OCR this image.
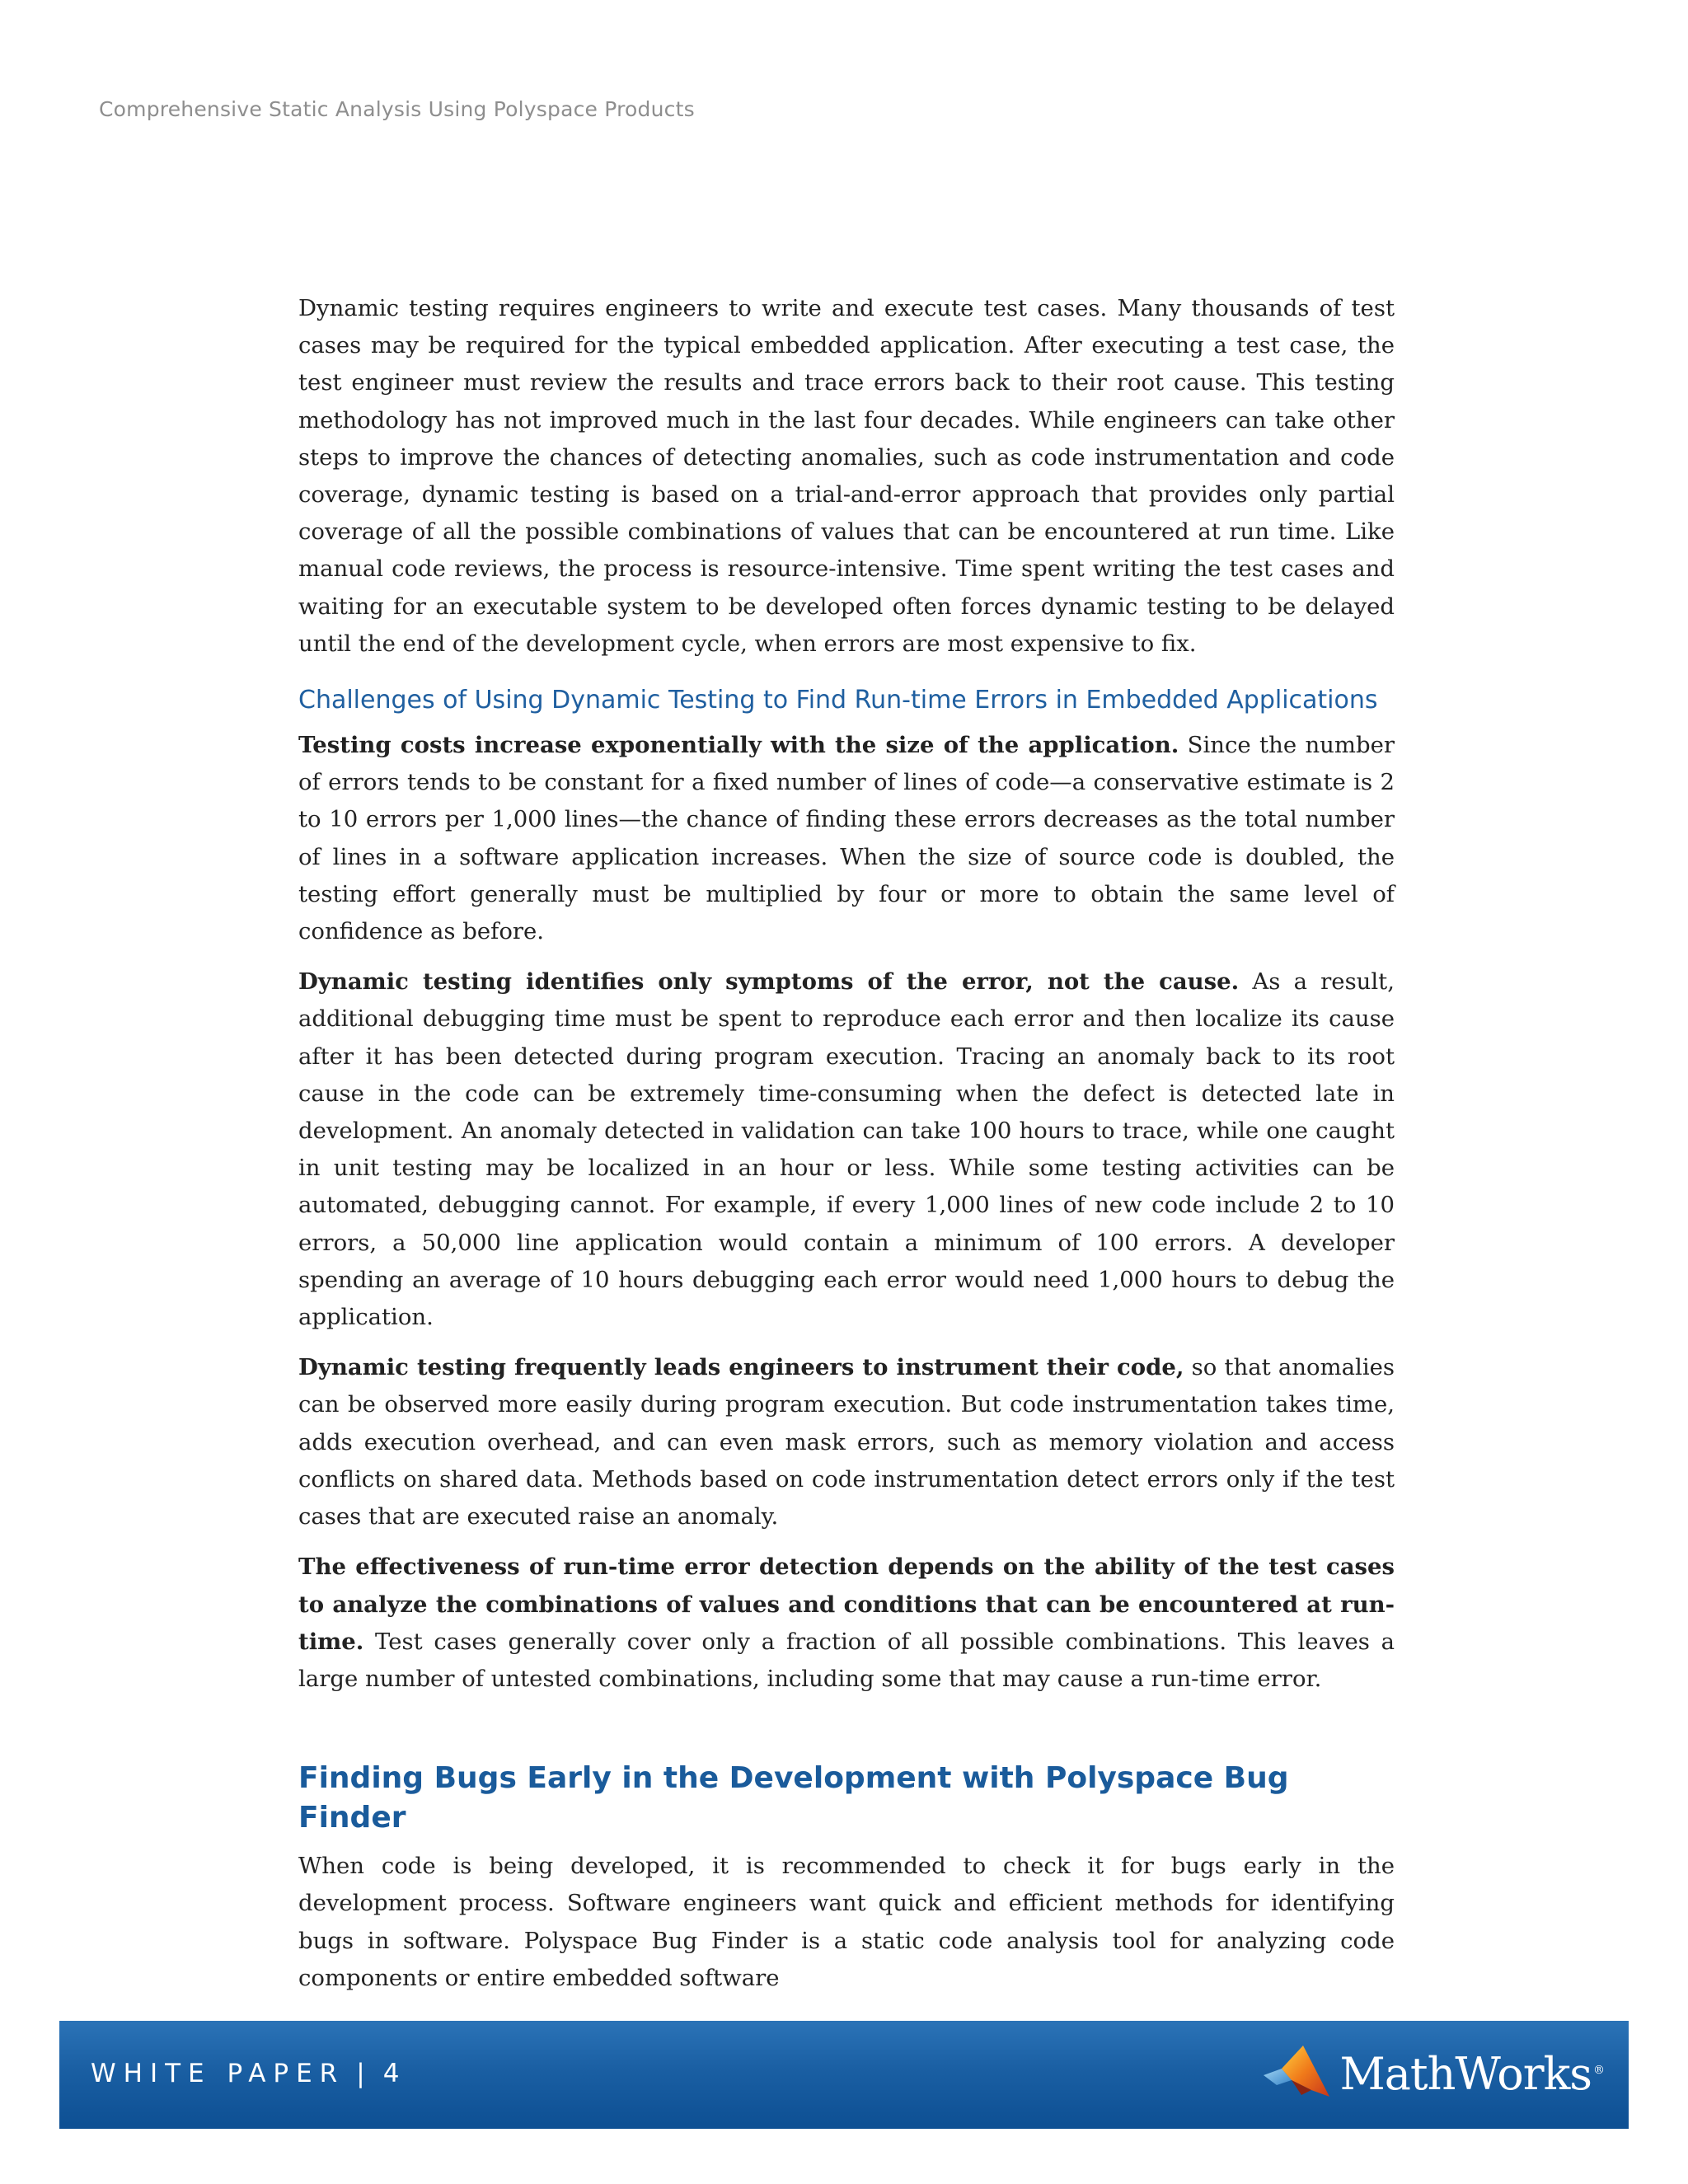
Comprehensive Static Analysis Using Polyspace Products

Dynamic testing requires engineers to write and execute test cases. Many thousands of test cases may be required for the typical embedded application. After executing a test case, the test engineer must review the results and trace errors back to their root cause. This testing methodology has not improved much in the last four decades. While engineers can take other steps to improve the chances of detecting anomalies, such as code instrumentation and code coverage, dynamic testing is based on a trial-and-error approach that provides only partial coverage of all the possible combinations of values that can be encountered at run time. Like manual code reviews, the process is resource-intensive. Time spent writing the test cases and waiting for an executable system to be developed often forces dynamic testing to be delayed until the end of the development cycle, when errors are most expensive to fix.

Challenges of Using Dynamic Testing to Find Run-time Errors in Embedded Applications

Testing costs increase exponentially with the size of the application. Since the number of errors tends to be constant for a fixed number of lines of code—a conservative estimate is 2 to 10 errors per 1,000 lines—the chance of finding these errors decreases as the total number of lines in a software application increases. When the size of source code is doubled, the testing effort generally must be multiplied by four or more to obtain the same level of confidence as before.

Dynamic testing identifies only symptoms of the error, not the cause. As a result, additional debugging time must be spent to reproduce each error and then localize its cause after it has been detected during program execution. Tracing an anomaly back to its root cause in the code can be extremely time-consuming when the defect is detected late in development. An anomaly detected in validation can take 100 hours to trace, while one caught in unit testing may be localized in an hour or less. While some testing activities can be automated, debugging cannot. For example, if every 1,000 lines of new code include 2 to 10 errors, a 50,000 line application would contain a minimum of 100 errors. A developer spending an average of 10 hours debugging each error would need 1,000 hours to debug the application.

Dynamic testing frequently leads engineers to instrument their code, so that anomalies can be observed more easily during program execution. But code instrumentation takes time, adds execution overhead, and can even mask errors, such as memory violation and access conflicts on shared data. Methods based on code instrumentation detect errors only if the test cases that are executed raise an anomaly.

The effectiveness of run-time error detection depends on the ability of the test cases to analyze the combinations of values and conditions that can be encountered at run-time. Test cases generally cover only a fraction of all possible combinations. This leaves a large number of untested combinations, including some that may cause a run-time error.

Finding Bugs Early in the Development with Polyspace Bug Finder

When code is being developed, it is recommended to check it for bugs early in the development process. Software engineers want quick and efficient methods for identifying bugs in software. Polyspace Bug Finder is a static code analysis tool for analyzing code components or entire embedded software

WHITE PAPER | 4	MathWorks ®
